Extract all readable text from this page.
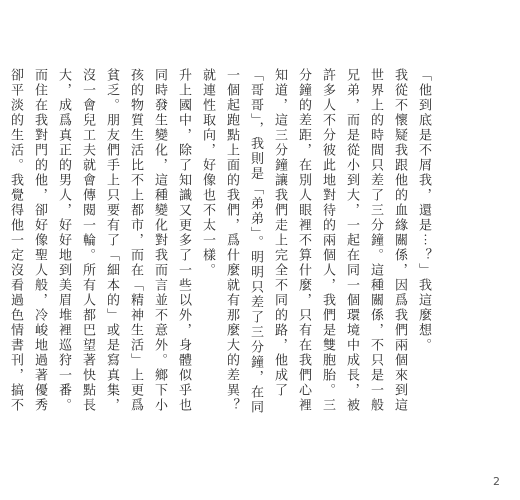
「他到底是不屑我，還是⋯？」我這麼想。

我從不懷疑我跟他的血緣關係，因爲我們兩個來到這世界上的時間只差了三分鐘。這種關係，不只是一般兄弟，而是從小到大，一起在同一個環境中成長，被許多人不分彼此地對待的兩個人，我們是雙胞胎。三分鐘的差距，在別人眼裡不算什麼，只有在我們心裡知道，這三分鐘讓我們走上完全不同的路，他成了「哥哥」，我則是「弟弟」。明明只差了三分鐘，在同一個起跑點上面的我們，爲什麼就有那麼大的差異？就連性取向，好像也不太一樣。

升上國中，除了知識又更多了一些以外，身體似乎也同時發生變化，這種變化對我而言並不意外。鄉下小孩的物質生活比不上都市，而在「精神生活」上更爲貧乏。朋友們手上只要有了「細本的」或是寫真集，沒一會兒工夫就會傳閱一輪。所有人都巴望著快點長大，成爲真正的男人，好好地到美眉堆裡巡狩一番。而住在我對門的他，卻好像聖人般，冷峻地過著優秀卻平淡的生活。我覺得他一定沒看過色情書刊，搞不

2
